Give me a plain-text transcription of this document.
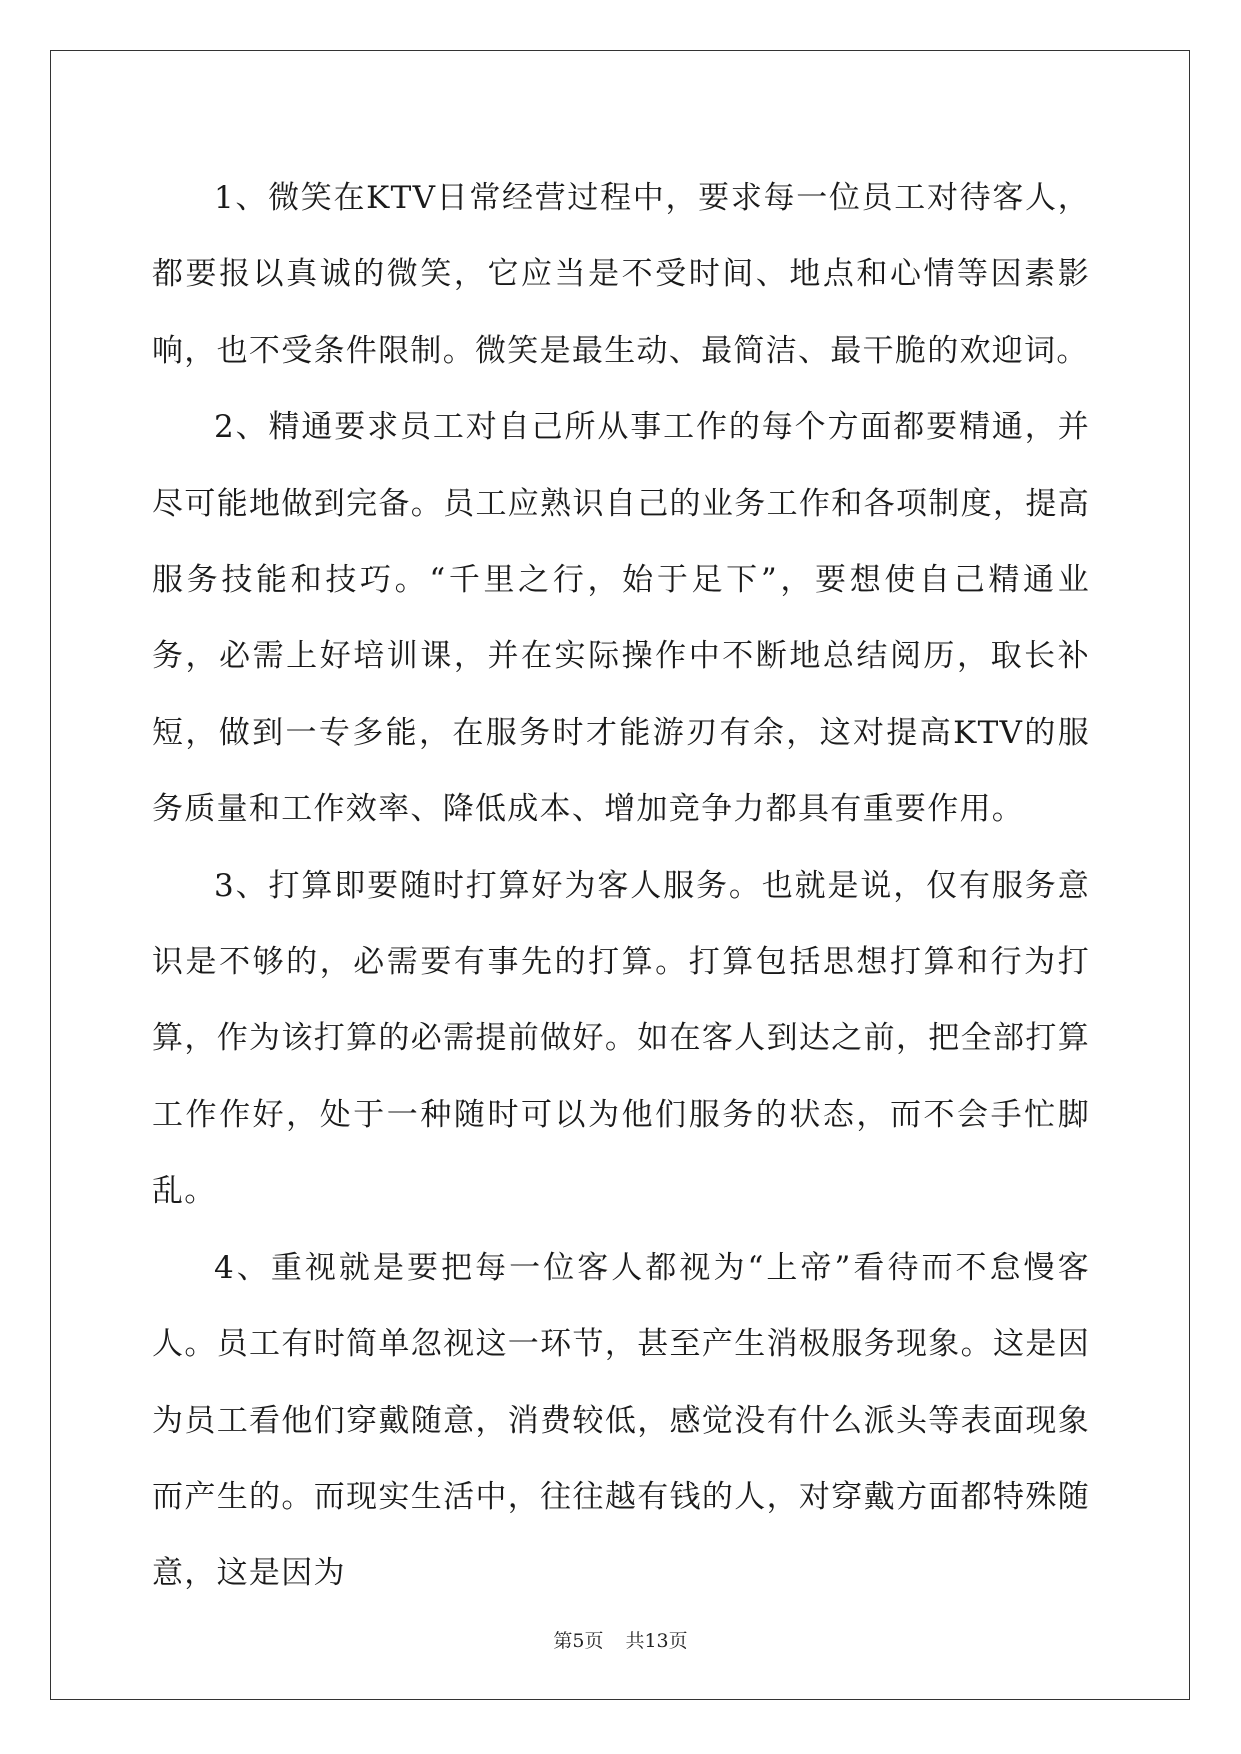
1、微笑在KTV日常经营过程中，要求每一位员工对待客人，都要报以真诚的微笑，它应当是不受时间、地点和心情等因素影响，也不受条件限制。微笑是最生动、最简洁、最干脆的欢迎词。

2、精通要求员工对自己所从事工作的每个方面都要精通，并尽可能地做到完备。员工应熟识自己的业务工作和各项制度，提高服务技能和技巧。“千里之行，始于足下”，要想使自己精通业务，必需上好培训课，并在实际操作中不断地总结阅历，取长补短，做到一专多能，在服务时才能游刃有余，这对提高KTV的服务质量和工作效率、降低成本、增加竞争力都具有重要作用。

3、打算即要随时打算好为客人服务。也就是说，仅有服务意识是不够的，必需要有事先的打算。打算包括思想打算和行为打算，作为该打算的必需提前做好。如在客人到达之前，把全部打算工作作好，处于一种随时可以为他们服务的状态，而不会手忙脚乱。

4、重视就是要把每一位客人都视为“上帝”看待而不怠慢客人。员工有时简单忽视这一环节，甚至产生消极服务现象。这是因为员工看他们穿戴随意，消费较低，感觉没有什么派头等表面现象而产生的。而现实生活中，往往越有钱的人，对穿戴方面都特殊随意，这是因为

第5页 共13页
